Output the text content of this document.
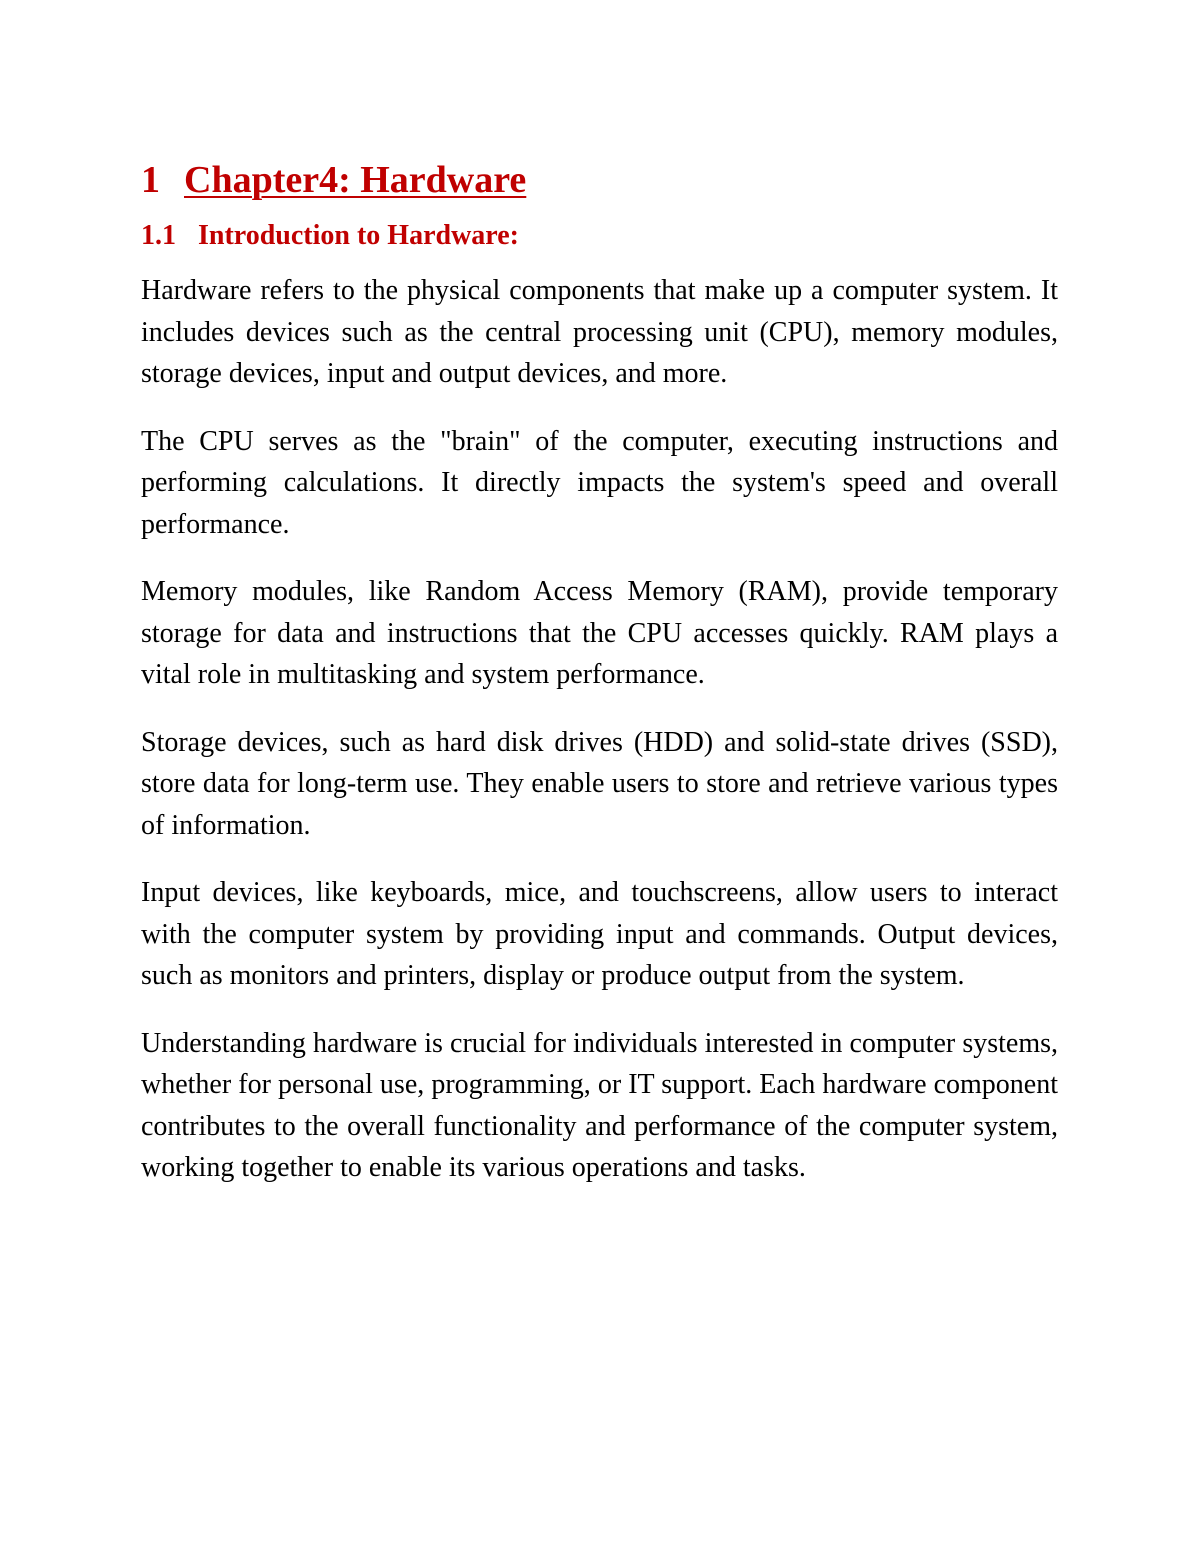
1 Chapter4: Hardware
1.1 Introduction to Hardware:

Hardware refers to the physical components that make up a computer system. It includes devices such as the central processing unit (CPU), memory modules, storage devices, input and output devices, and more.

The CPU serves as the "brain" of the computer, executing instructions and performing calculations. It directly impacts the system's speed and overall performance.

Memory modules, like Random Access Memory (RAM), provide temporary storage for data and instructions that the CPU accesses quickly. RAM plays a vital role in multitasking and system performance.

Storage devices, such as hard disk drives (HDD) and solid-state drives (SSD), store data for long-term use. They enable users to store and retrieve various types of information.

Input devices, like keyboards, mice, and touchscreens, allow users to interact with the computer system by providing input and commands. Output devices, such as monitors and printers, display or produce output from the system.

Understanding hardware is crucial for individuals interested in computer systems, whether for personal use, programming, or IT support. Each hardware component contributes to the overall functionality and performance of the computer system, working together to enable its various operations and tasks.
